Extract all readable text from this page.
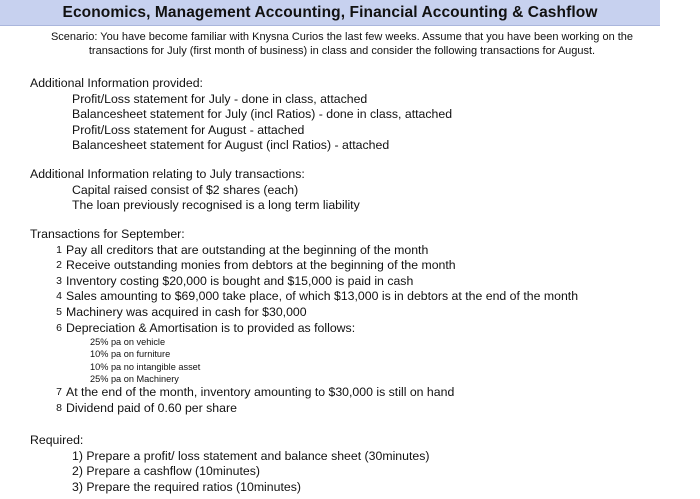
Economics, Management Accounting, Financial Accounting & Cashflow
Scenario: You have become familiar with Knysna Curios the last few weeks. Assume that you have been working on the transactions for July (first month of business) in class and consider the following transactions for August.
Additional Information provided:
Profit/Loss statement for July - done in class, attached
Balancesheet statement for July (incl Ratios) - done in class, attached
Profit/Loss statement for August - attached
Balancesheet statement for August (incl Ratios) - attached
Additional Information relating to July transactions:
Capital raised consist of $2 shares (each)
The loan previously recognised is a long term liability
Transactions for September:
1 Pay all creditors that are outstanding at the beginning of the month
2 Receive outstanding monies from debtors at the beginning of the month
3 Inventory costing $20,000 is bought and $15,000 is paid in cash
4 Sales amounting to $69,000 take place, of which $13,000 is in debtors at the end of the month
5 Machinery was acquired in cash for $30,000
6 Depreciation & Amortisation is to provided as follows:
25% pa on vehicle
10% pa on furniture
10% pa no intangible asset
25% pa on Machinery
7 At the end of the month, inventory amounting to $30,000 is still on hand
8 Dividend paid of 0.60 per share
Required:
1) Prepare a profit/ loss statement and balance sheet (30minutes)
2) Prepare a cashflow (10minutes)
3) Prepare the required ratios (10minutes)
